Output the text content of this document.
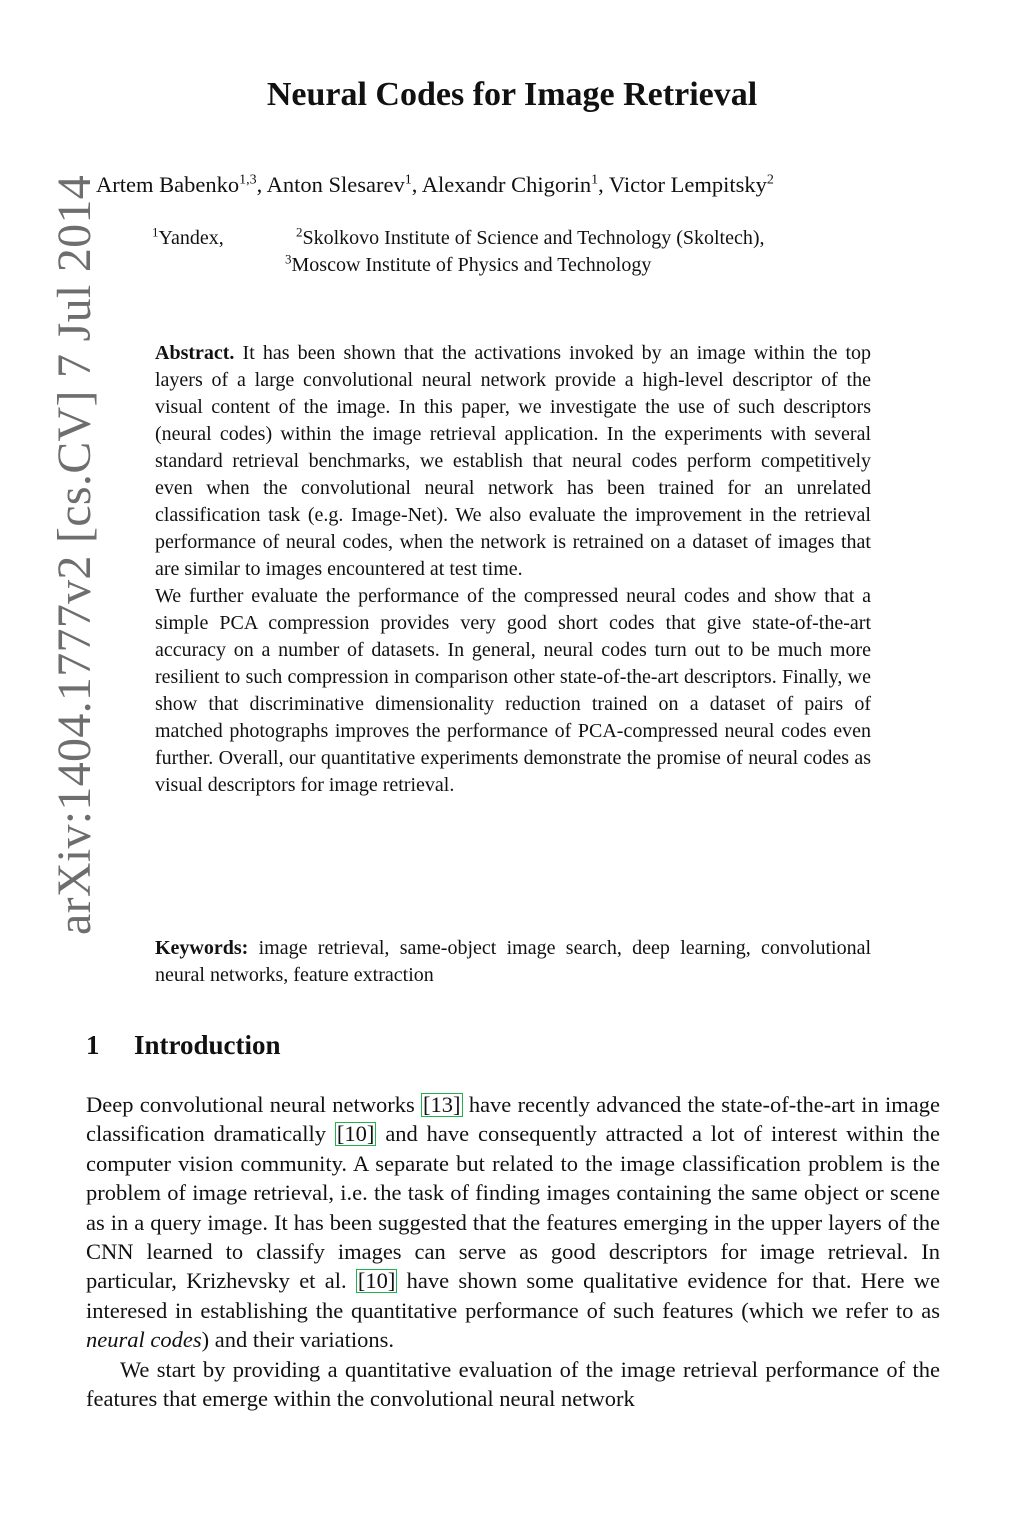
arXiv:1404.1777v2 [cs.CV] 7 Jul 2014
Neural Codes for Image Retrieval
Artem Babenko$^{1,3}$, Anton Slesarev$^1$, Alexandr Chigorin$^1$, Victor Lempitsky$^2$
$^1$Yandex,	$^2$Skolkovo Institute of Science and Technology (Skoltech),
$^3$Moscow Institute of Physics and Technology

Abstract. It has been shown that the activations invoked by an image within the top layers of a large convolutional neural network provide a high-level descriptor of the visual content of the image. In this paper, we investigate the use of such descriptors (neural codes) within the image retrieval application. In the experiments with several standard retrieval benchmarks, we establish that neural codes perform competitively even when the convolutional neural network has been trained for an unrelated classification task (e.g. Image-Net). We also evaluate the improvement in the retrieval performance of neural codes, when the network is retrained on a dataset of images that are similar to images encountered at test time.

We further evaluate the performance of the compressed neural codes and show that a simple PCA compression provides very good short codes that give state-of-the-art accuracy on a number of datasets. In general, neural codes turn out to be much more resilient to such compression in comparison other state-of-the-art descriptors. Finally, we show that discriminative dimensionality reduction trained on a dataset of pairs of matched photographs improves the performance of PCA-compressed neural codes even further. Overall, our quantitative experiments demonstrate the promise of neural codes as visual descriptors for image retrieval.

Keywords: image retrieval, same-object image search, deep learning, convolutional neural networks, feature extraction
1 Introduction

Deep convolutional neural networks [13] have recently advanced the state-of-the-art in image classification dramatically [10] and have consequently attracted a lot of interest within the computer vision community. A separate but related to the image classification problem is the problem of image retrieval, i.e. the task of finding images containing the same object or scene as in a query image. It has been suggested that the features emerging in the upper layers of the CNN learned to classify images can serve as good descriptors for image retrieval. In particular, Krizhevsky et al. [10] have shown some qualitative evidence for that. Here we interesed in establishing the quantitative performance of such features (which we refer to as neural codes) and their variations.

We start by providing a quantitative evaluation of the image retrieval performance of the features that emerge within the convolutional neural network
